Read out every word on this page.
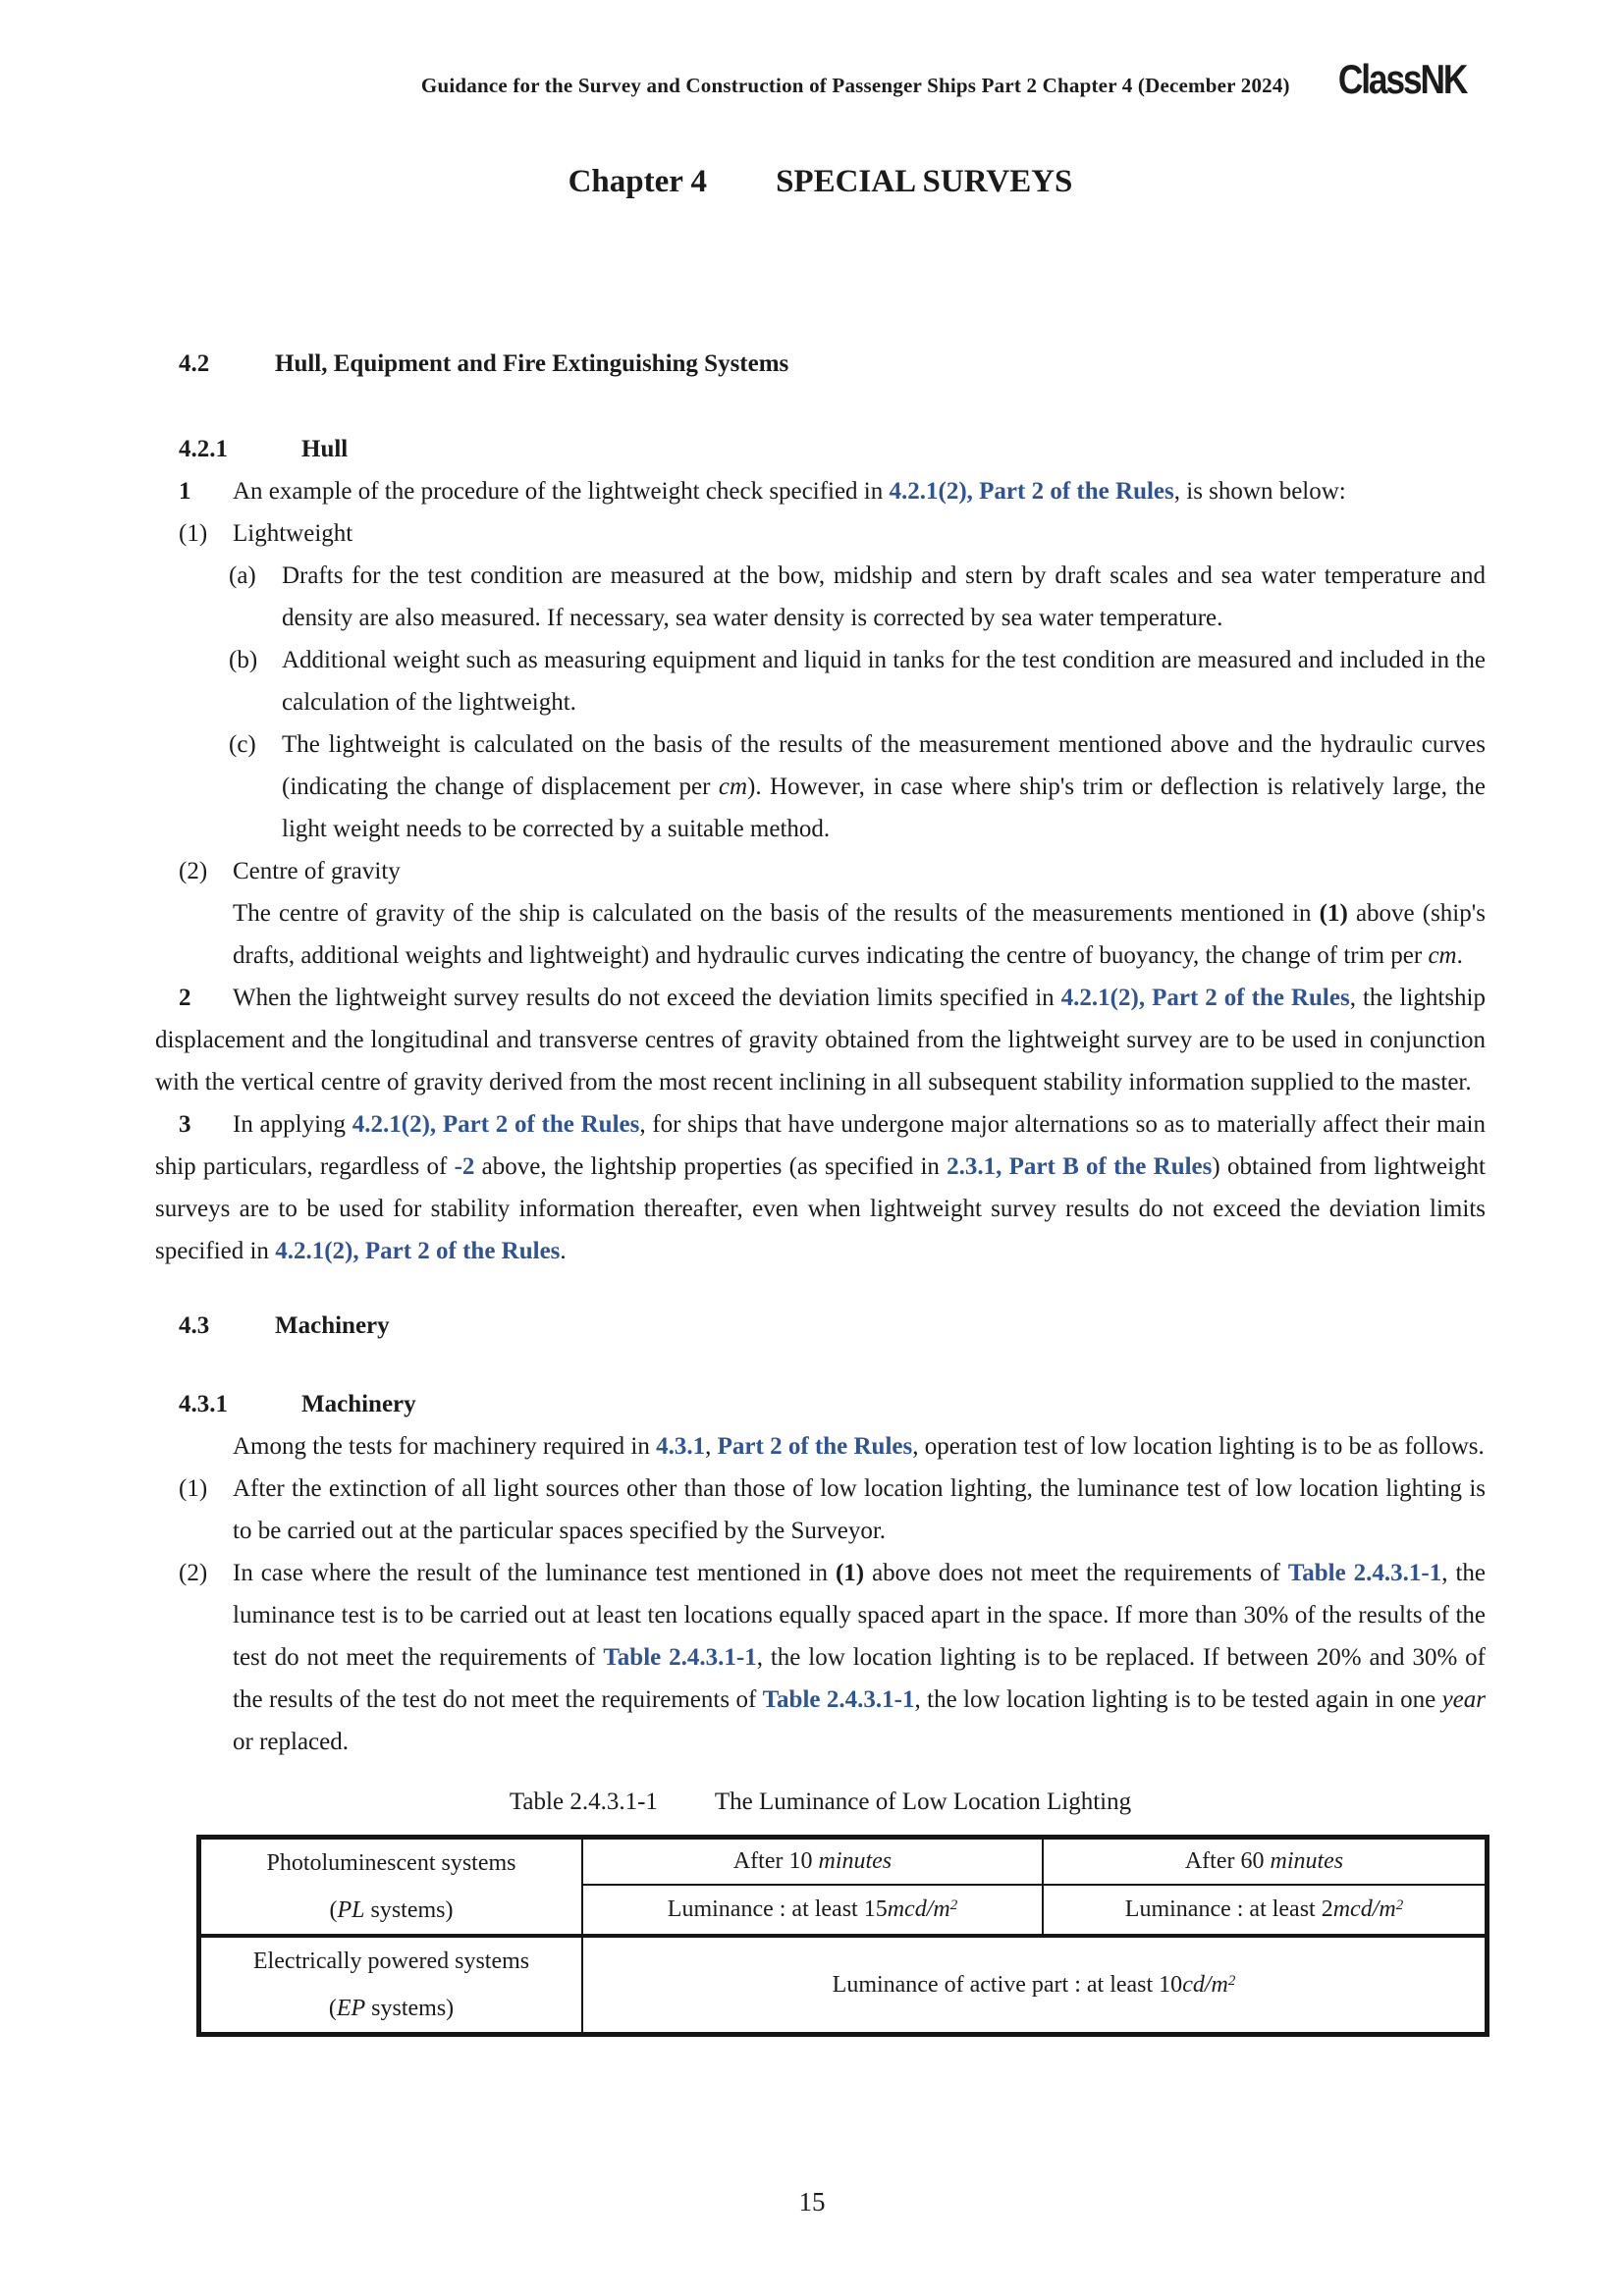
Guidance for the Survey and Construction of Passenger Ships Part 2 Chapter 4 (December 2024) ClassNK
Chapter 4 SPECIAL SURVEYS
4.2	Hull, Equipment and Fire Extinguishing Systems
4.2.1	Hull
1 An example of the procedure of the lightweight check specified in 4.2.1(2), Part 2 of the Rules, is shown below:
(1) Lightweight
(a) Drafts for the test condition are measured at the bow, midship and stern by draft scales and sea water temperature and density are also measured. If necessary, sea water density is corrected by sea water temperature.
(b) Additional weight such as measuring equipment and liquid in tanks for the test condition are measured and included in the calculation of the lightweight.
(c) The lightweight is calculated on the basis of the results of the measurement mentioned above and the hydraulic curves (indicating the change of displacement per cm). However, in case where ship's trim or deflection is relatively large, the light weight needs to be corrected by a suitable method.
(2) Centre of gravity
The centre of gravity of the ship is calculated on the basis of the results of the measurements mentioned in (1) above (ship's drafts, additional weights and lightweight) and hydraulic curves indicating the centre of buoyancy, the change of trim per cm.
2 When the lightweight survey results do not exceed the deviation limits specified in 4.2.1(2), Part 2 of the Rules, the lightship displacement and the longitudinal and transverse centres of gravity obtained from the lightweight survey are to be used in conjunction with the vertical centre of gravity derived from the most recent inclining in all subsequent stability information supplied to the master.
3 In applying 4.2.1(2), Part 2 of the Rules, for ships that have undergone major alternations so as to materially affect their main ship particulars, regardless of -2 above, the lightship properties (as specified in 2.3.1, Part B of the Rules) obtained from lightweight surveys are to be used for stability information thereafter, even when lightweight survey results do not exceed the deviation limits specified in 4.2.1(2), Part 2 of the Rules.
4.3	Machinery
4.3.1	Machinery
Among the tests for machinery required in 4.3.1, Part 2 of the Rules, operation test of low location lighting is to be as follows.
(1) After the extinction of all light sources other than those of low location lighting, the luminance test of low location lighting is to be carried out at the particular spaces specified by the Surveyor.
(2) In case where the result of the luminance test mentioned in (1) above does not meet the requirements of Table 2.4.3.1-1, the luminance test is to be carried out at least ten locations equally spaced apart in the space. If more than 30% of the results of the test do not meet the requirements of Table 2.4.3.1-1, the low location lighting is to be replaced. If between 20% and 30% of the results of the test do not meet the requirements of Table 2.4.3.1-1, the low location lighting is to be tested again in one year or replaced.
Table 2.4.3.1-1 The Luminance of Low Location Lighting
Photoluminescent systems
(PL systems)	After 10 minutes	After 60 minutes
	Luminance : at least $15mcd/m^2$	Luminance : at least $2mcd/m^2$

Electrically powered systems
(EP systems)	Luminance of active part : at least $10cd/m^2$
15
